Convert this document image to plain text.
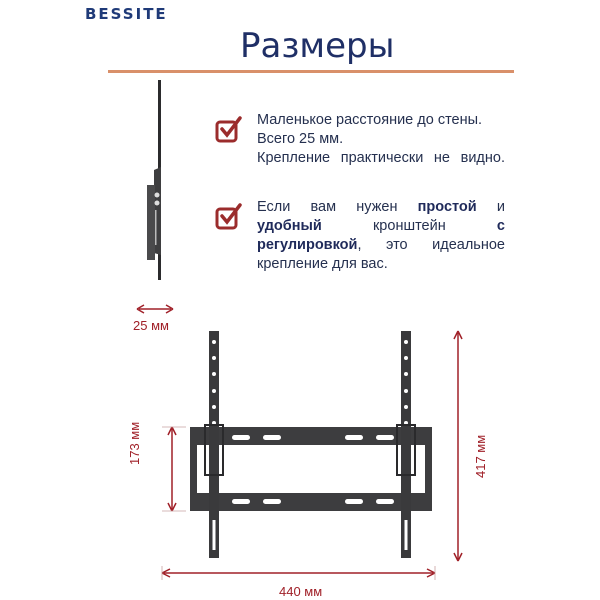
BESSITE
Размеры
25 мм
Маленькое расстояние до стены.
Всего 25 мм.

Крепление практически не видно.
Если вам нужен простой и удобный кронштейн с регулировкой, это идеальное крепление для вас.
173 мм	417 мм
440 мм
